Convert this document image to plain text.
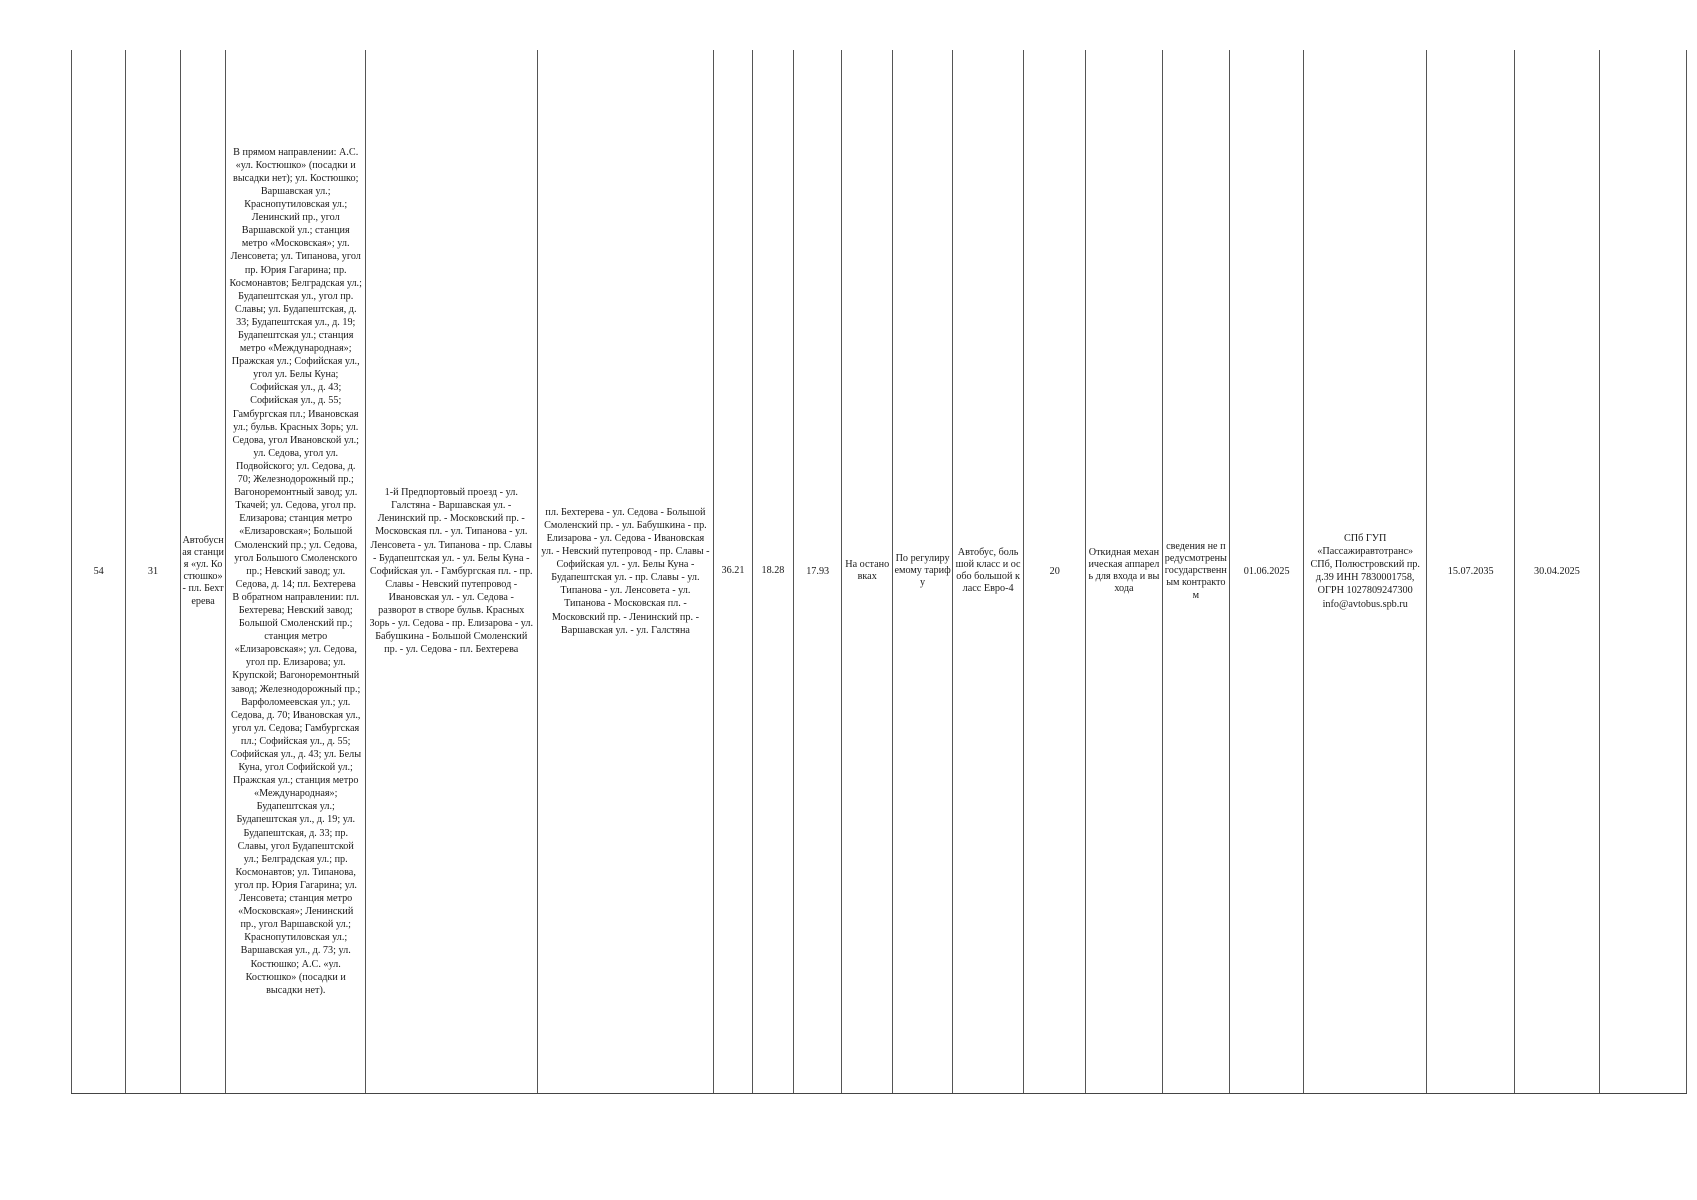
54	31	Автобусная станция «ул. Костюшко» - пл. Бехтерева	В прямом направлении: А.С. «ул. Костюшко» (посадки и высадки нет); ул. Костюшко; Варшавская ул.; Краснопутиловская ул.; Ленинский пр., угол Варшавской ул.; станция метро «Московская»; ул. Ленсовета; ул. Типанова, угол пр. Юрия Гагарина; пр. Космонавтов; Белградская ул.; Будапештская ул., угол пр. Славы; ул. Будапештская, д. 33; Будапештская ул., д. 19; Будапештская ул.; станция метро «Международная»; Пражская ул.; Софийская ул., угол ул. Белы Куна; Софийская ул., д. 43; Софийская ул., д. 55; Гамбургская пл.; Ивановская ул.; бульв. Красных Зорь; ул. Седова, угол Ивановской ул.; ул. Седова, угол ул. Подвойского; ул. Седова, д. 70; Железнодорожный пр.; Вагоноремонтный завод; ул. Ткачей; ул. Седова, угол пр. Елизарова; станция метро «Елизаровская»; Большой Смоленский пр.; ул. Седова, угол Большого Смоленского пр.; Невский завод; ул. Седова, д. 14; пл. Бехтерева
В обратном направлении: пл. Бехтерева; Невский завод; Большой Смоленский пр.; станция метро «Елизаровская»; ул. Седова, угол пр. Елизарова; ул. Крупской; Вагоноремонтный завод; Железнодорожный пр.; Варфоломеевская ул.; ул. Седова, д. 70; Ивановская ул., угол ул. Седова; Гамбургская пл.; Софийская ул., д. 55; Софийская ул., д. 43; ул. Белы Куна, угол Софийской ул.; Пражская ул.; станция метро «Международная»; Будапештская ул.; Будапештская ул., д. 19; ул. Будапештская, д. 33; пр. Славы, угол Будапештской ул.; Белградская ул.; пр. Космонавтов; ул. Типанова, угол пр. Юрия Гагарина; ул. Ленсовета; станция метро «Московская»; Ленинский пр., угол Варшавской ул.; Краснопутиловская ул.; Варшавская ул., д. 73; ул. Костюшко; А.С. «ул. Костюшко» (посадки и высадки нет).	1-й Предпортовый проезд - ул. Галстяна - Варшавская ул. - Ленинский пр. - Московский пр. - Московская пл. - ул. Типанова - ул. Ленсовета - ул. Типанова - пр. Славы - Будапештская ул. - ул. Белы Куна - Софийская ул. - Гамбургская пл. - пр. Славы - Невский путепровод - Ивановская ул. - ул. Седова - разворот в створе бульв. Красных Зорь - ул. Седова - пр. Елизарова - ул. Бабушкина - Большой Смоленский пр. - ул. Седова - пл. Бехтерева	пл. Бехтерева - ул. Седова - Большой Смоленский пр. - ул. Бабушкина - пр. Елизарова - ул. Седова - Ивановская ул. - Невский путепровод - пр. Славы - Софийская ул. - ул. Белы Куна - Будапештская ул. - пр. Славы - ул. Типанова - ул. Ленсовета - ул. Типанова - Московская пл. - Московский пр. - Ленинский пр. - Варшавская ул. - ул. Галстяна	36.21	18.28	17.93	На остановках	По регулируемому тарифу	Автобус, большой класс и особо большой класс Евро-4	20	Откидная механическая аппарель для входа и выхода	сведения не предусмотрены государственным контрактом	01.06.2025	СПб ГУП «Пассажиравтотранс» СПб, Полюстровский пр. д.39 ИНН 7830001758, ОГРН 1027809247300 info@avtobus.spb.ru	15.07.2035	30.04.2025	
